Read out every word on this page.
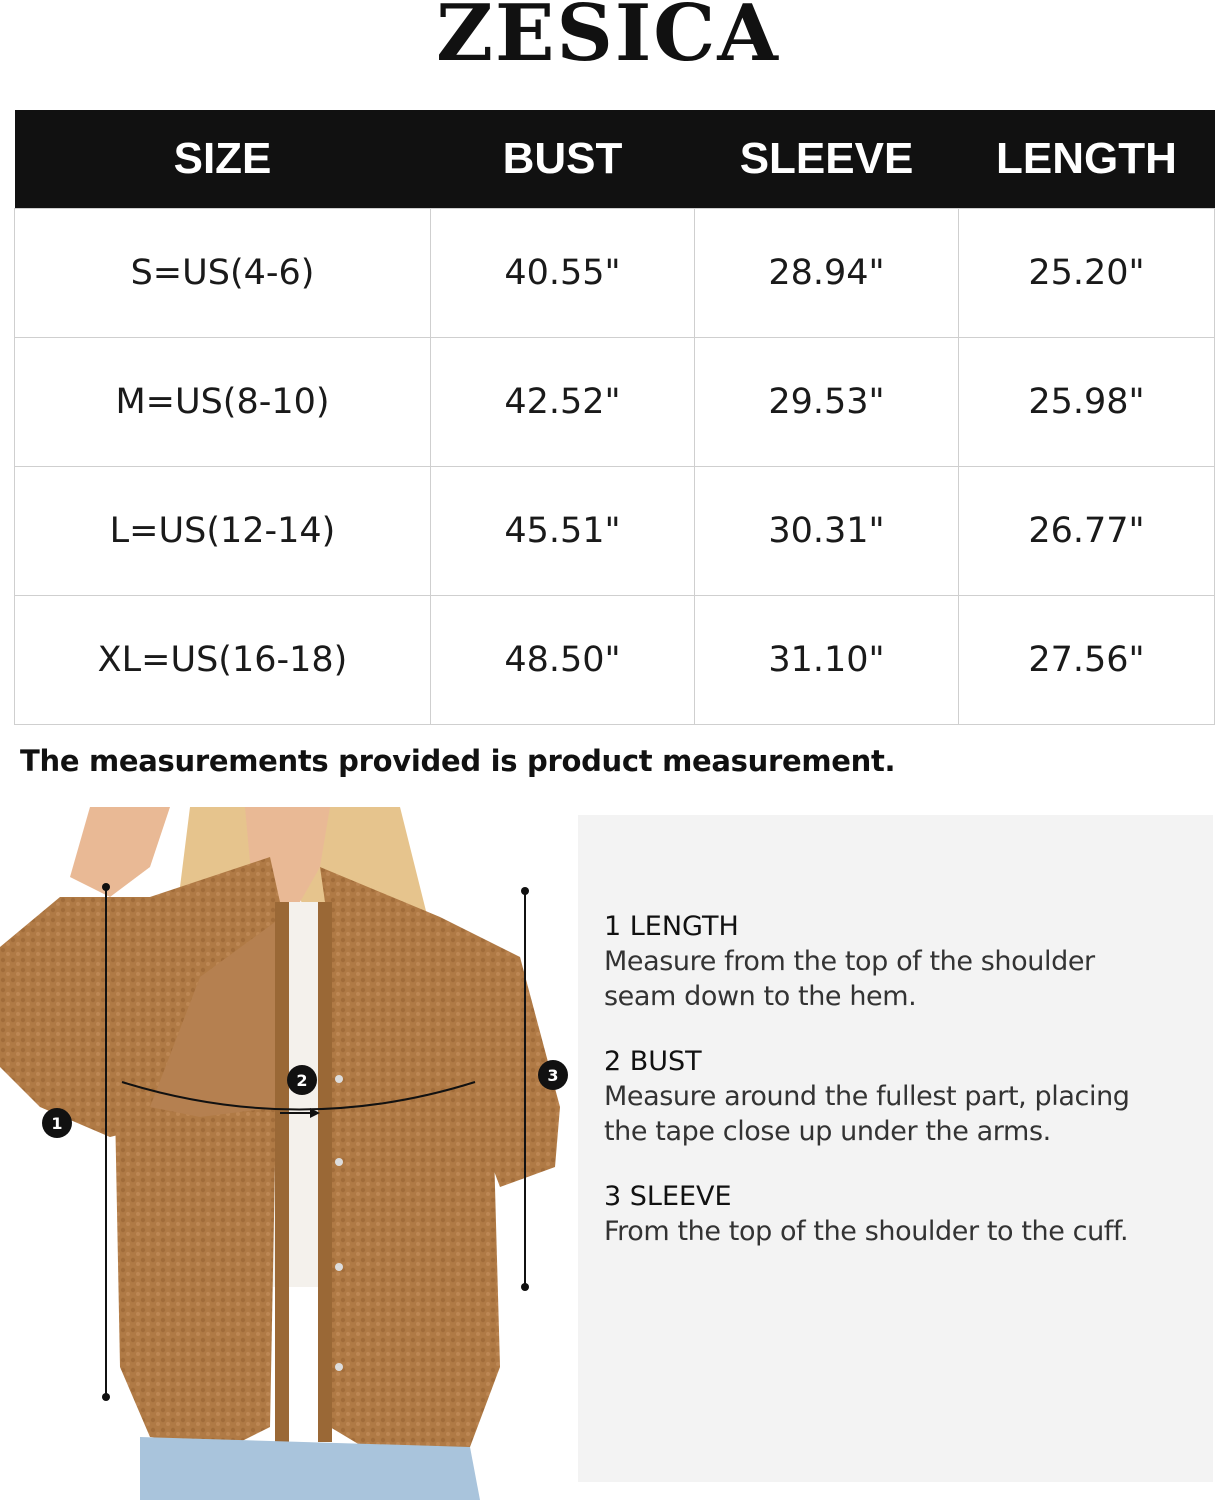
ZESICA
SIZE	BUST	SLEEVE	LENGTH
S=US(4-6)	40.55"	28.94"	25.20"
M=US(8-10)	42.52"	29.53"	25.98"
L=US(12-14)	45.51"	30.31"	26.77"
XL=US(16-18)	48.50"	31.10"	27.56"
The measurements provided is product measurement.
1
2	3
1 LENGTH
Measure from the top of the shoulder
seam down to the hem.
2 BUST
Measure around the fullest part, placing
the tape close up under the arms.
3 SLEEVE
From the top of the shoulder to the cuff.
